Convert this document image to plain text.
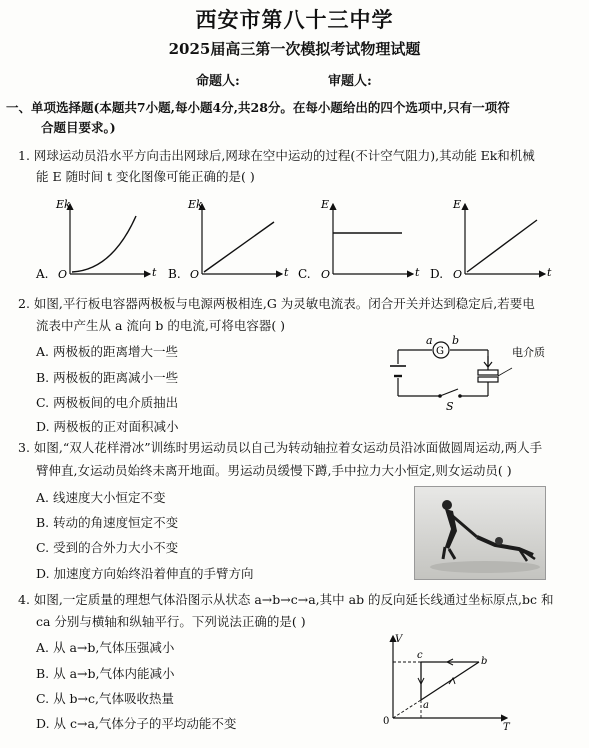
西安市第八十三中学
2025届高三第一次模拟考试物理试题
命题人:	审题人:
一、单项选择题(本题共7小题,每小题4分,共28分。在每小题给出的四个选项中,只有一项符
合题目要求。)
1. 网球运动员沿水平方向击出网球后,网球在空中运动的过程(不计空气阻力),其动能 Ek和机械
能 E 随时间 t 变化图像可能正确的是( )
A. O
Ek
t B. O
Ek
t C. O
E
t D. O
E
t
2. 如图,平行板电容器两极板与电源两极相连,G 为灵敏电流表。闭合开关并达到稳定后,若要电
流表中产生从 a 流向 b 的电流,可将电容器( )
A. 两极板的距离增大一些
B. 两极板的距离减小一些
C. 两极板间的电介质抽出
D. 两极板的正对面积减小
G
a b
电介质
S
3. 如图,“双人花样滑冰”训练时男运动员以自己为转动轴拉着女运动员沿冰面做圆周运动,两人手
臂伸直,女运动员始终未离开地面。男运动员缓慢下蹲,手中拉力大小恒定,则女运动员( )
A. 线速度大小恒定不变
B. 转动的角速度恒定不变
C. 受到的合外力大小不变
D. 加速度方向始终沿着伸直的手臂方向
4. 如图,一定质量的理想气体沿图示从状态 a→b→c→a,其中 ab 的反向延长线通过坐标原点,bc 和
ca 分别与横轴和纵轴平行。下列说法正确的是( )
A. 从 a→b,气体压强减小
B. 从 a→b,气体内能减小
C. 从 b→c,气体吸收热量
D. 从 c→a,气体分子的平均动能不变
V
T
0
a
b
c
